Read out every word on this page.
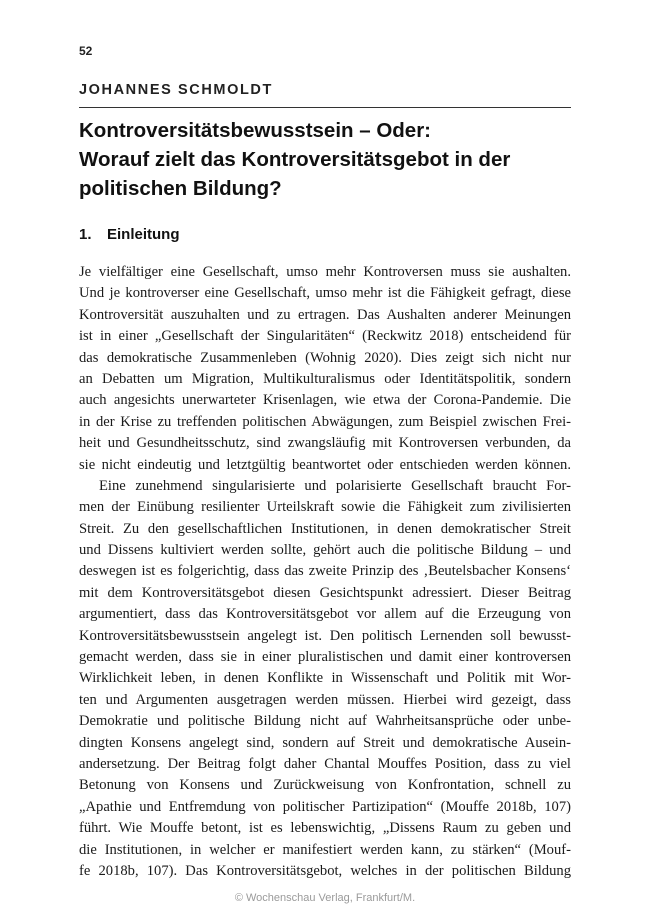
52
JOHANNES SCHMOLDT
Kontroversitätsbewusstsein – Oder:
Worauf zielt das Kontroversitätsgebot in der
politischen Bildung?
1. Einleitung
Je vielfältiger eine Gesellschaft, umso mehr Kontroversen muss sie aushalten.
Und je kontroverser eine Gesellschaft, umso mehr ist die Fähigkeit gefragt, diese
Kontroversität auszuhalten und zu ertragen. Das Aushalten anderer Meinungen
ist in einer „Gesellschaft der Singularitäten“ (Reckwitz 2018) entscheidend für
das demokratische Zusammenleben (Wohnig 2020). Dies zeigt sich nicht nur
an Debatten um Migration, Multikulturalismus oder Identitätspolitik, sondern
auch angesichts unerwarteter Krisenlagen, wie etwa der Corona-Pandemie. Die
in der Krise zu treffenden politischen Abwägungen, zum Beispiel zwischen Frei-
heit und Gesundheitsschutz, sind zwangsläufig mit Kontroversen verbunden, da
sie nicht eindeutig und letztgültig beantwortet oder entschieden werden können.
Eine zunehmend singularisierte und polarisierte Gesellschaft braucht For-
men der Einübung resilienter Urteilskraft sowie die Fähigkeit zum zivilisierten
Streit. Zu den gesellschaftlichen Institutionen, in denen demokratischer Streit
und Dissens kultiviert werden sollte, gehört auch die politische Bildung – und
deswegen ist es folgerichtig, dass das zweite Prinzip des ‚Beutelsbacher Konsens‘
mit dem Kontroversitätsgebot diesen Gesichtspunkt adressiert. Dieser Beitrag
argumentiert, dass das Kontroversitätsgebot vor allem auf die Erzeugung von
Kontroversitätsbewusstsein angelegt ist. Den politisch Lernenden soll bewusst-
gemacht werden, dass sie in einer pluralistischen und damit einer kontroversen
Wirklichkeit leben, in denen Konflikte in Wissenschaft und Politik mit Wor-
ten und Argumenten ausgetragen werden müssen. Hierbei wird gezeigt, dass
Demokratie und politische Bildung nicht auf Wahrheitsansprüche oder unbe-
dingten Konsens angelegt sind, sondern auf Streit und demokratische Ausein-
andersetzung. Der Beitrag folgt daher Chantal Mouffes Position, dass zu viel
Betonung von Konsens und Zurückweisung von Konfrontation, schnell zu
„Apathie und Entfremdung von politischer Partizipation“ (Mouffe 2018b, 107)
führt. Wie Mouffe betont, ist es lebenswichtig, „Dissens Raum zu geben und
die Institutionen, in welcher er manifestiert werden kann, zu stärken“ (Mouf-
fe 2018b, 107). Das Kontroversitätsgebot, welches in der politischen Bildung
© Wochenschau Verlag, Frankfurt/M.
